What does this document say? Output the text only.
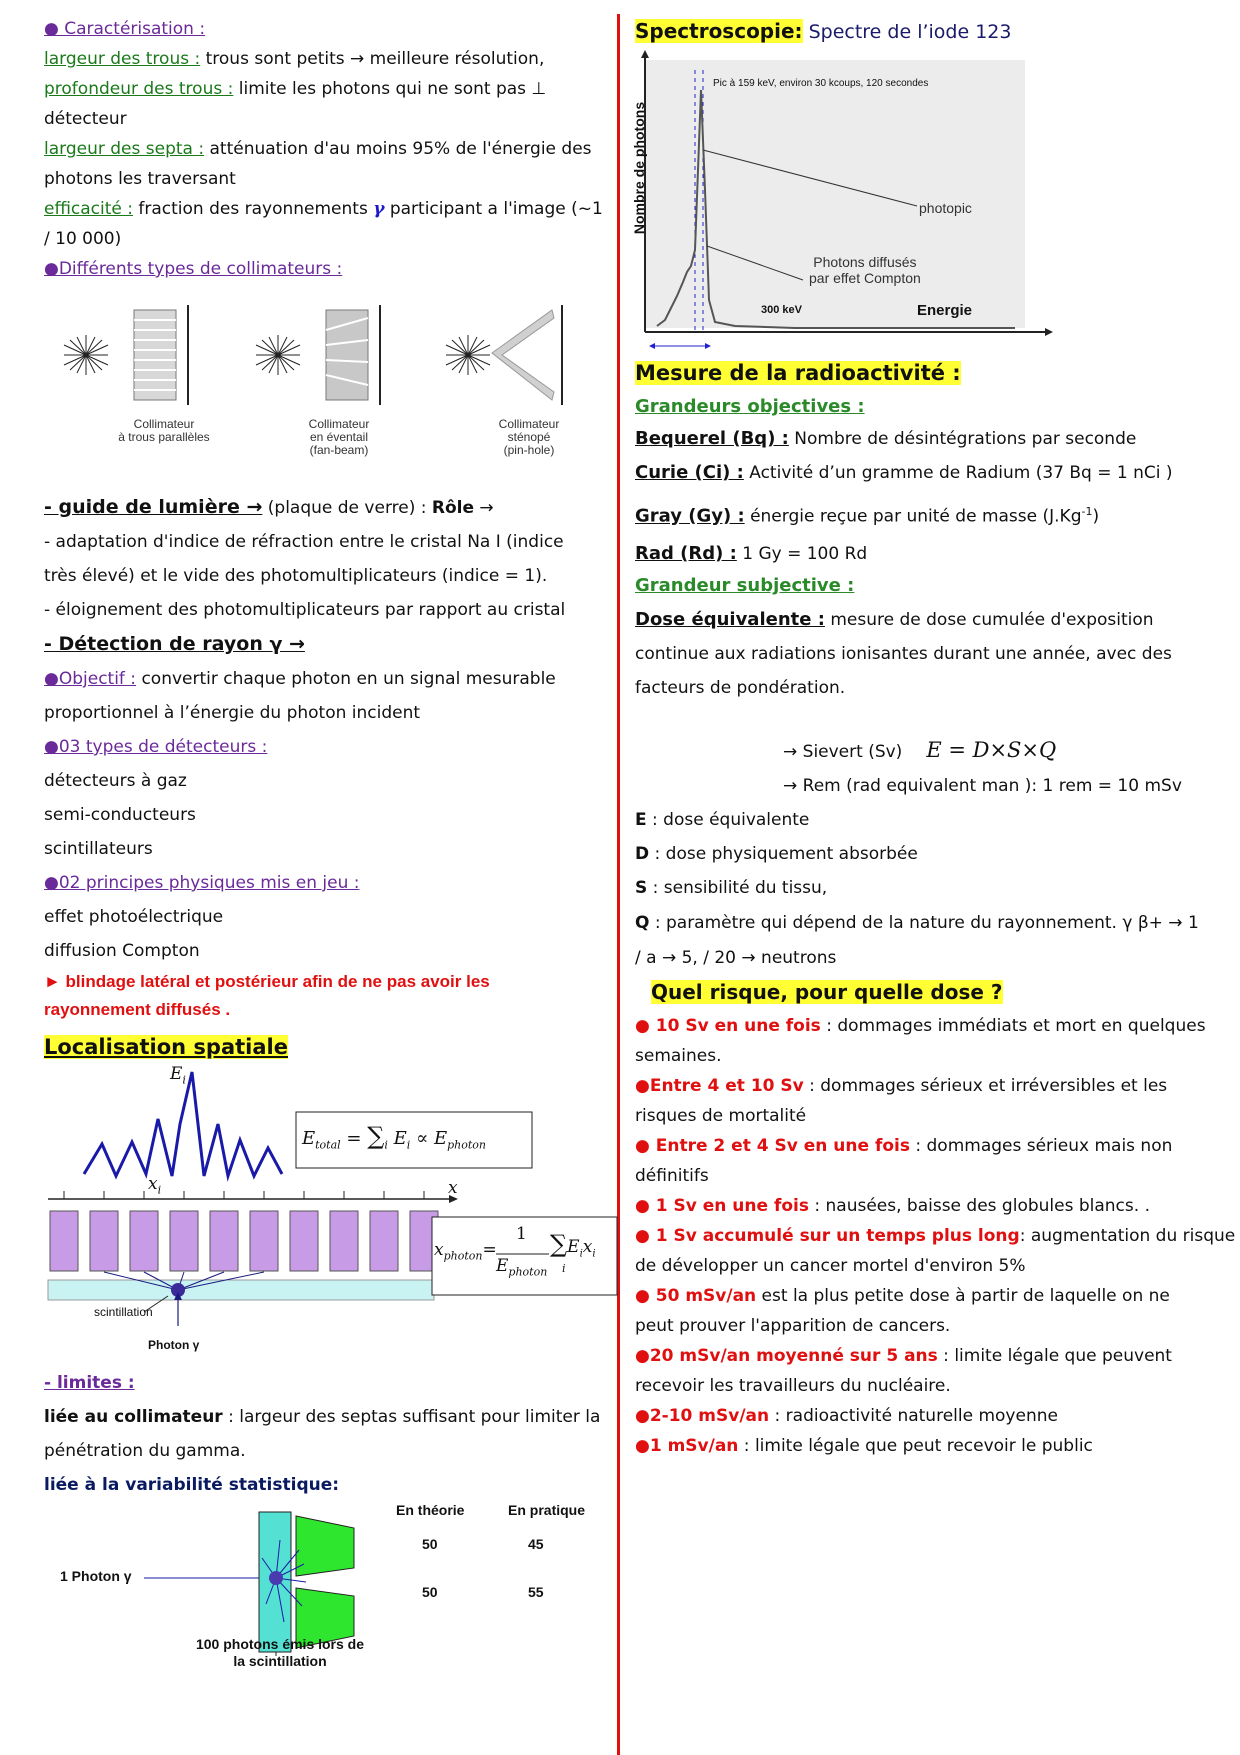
● Caractérisation :
largeur des trous : trous sont petits → meilleure résolution,
profondeur des trous : limite les photons qui ne sont pas ⊥
détecteur
largeur des septa : atténuation d'au moins 95% de l'énergie des
photons les traversant
efficacité : fraction des rayonnements γ participant a l'image (~1
/ 10 000)
●Différents types de collimateurs :
Collimateur
à trous parallèles
Collimateur
en éventail
(fan-beam)
Collimateur
sténopé
(pin-hole)
- guide de lumière → (plaque de verre) : Rôle →
- adaptation d'indice de réfraction entre le cristal Na I (indice
très élevé) et le vide des photomultiplicateurs (indice = 1).
- éloignement des photomultiplicateurs par rapport au cristal
- Détection de rayon γ →
●Objectif : convertir chaque photon en un signal mesurable
proportionnel à l’énergie du photon incident
●03 types de détecteurs :
détecteurs à gaz
semi-conducteurs
scintillateurs
●02 principes physiques mis en jeu :
effet photoélectrique
diffusion Compton
► blindage latéral et postérieur afin de ne pas avoir les
rayonnement diffusés .
Localisation spatiale
$E_i$
$x_i$	x
scintillation
Photon γ
$E_{total} = \sum_i$ $E_i \propto E_{photon}$
$x_{photon}=$
1
$E_{photon}$
$\sum E_ix_i$
i
- limites :
liée au collimateur : largeur des septas suffisant pour limiter la
pénétration du gamma.
liée à la variabilité statistique:
1 Photon γ
En théorie	En pratique
50	45
50	55
100 photons émis lors de
la scintillation
Spectroscopie: Spectre de l’iode 123
Nombre de photons
Pic à 159 keV, environ 30 kcoups, 120 secondes
photopic
Photons diffusés
par effet Compton
300 keV	Energie
Mesure de la radioactivité :
Grandeurs objectives :
Bequerel (Bq) : Nombre de désintégrations par seconde
Curie (Ci) : Activité d’un gramme de Radium (37 Bq = 1 nCi )
Gray (Gy) : énergie reçue par unité de masse $(J.Kg^{-1})$
Rad (Rd) : 1 Gy = 100 Rd
Grandeur subjective :
Dose équivalente : mesure de dose cumulée d'exposition
continue aux radiations ionisantes durant une année, avec des
facteurs de pondération.
→ Sievert (Sv) E = D×S×Q
→ Rem (rad equivalent man ): 1 rem = 10 mSv
E : dose équivalente
D : dose physiquement absorbée
S : sensibilité du tissu,
Q : paramètre qui dépend de la nature du rayonnement. γ β+ → 1
/ a → 5, / 20 → neutrons
Quel risque, pour quelle dose ?
● 10 Sv en une fois : dommages immédiats et mort en quelques
semaines.
●Entre 4 et 10 Sv : dommages sérieux et irréversibles et les
risques de mortalité
● Entre 2 et 4 Sv en une fois : dommages sérieux mais non
définitifs
● 1 Sv en une fois : nausées, baisse des globules blancs. .
● 1 Sv accumulé sur un temps plus long: augmentation du risque
de développer un cancer mortel d'environ 5%
● 50 mSv/an est la plus petite dose à partir de laquelle on ne
peut prouver l'apparition de cancers.
●20 mSv/an moyenné sur 5 ans : limite légale que peuvent
recevoir les travailleurs du nucléaire.
●2-10 mSv/an : radioactivité naturelle moyenne
●1 mSv/an : limite légale que peut recevoir le public
